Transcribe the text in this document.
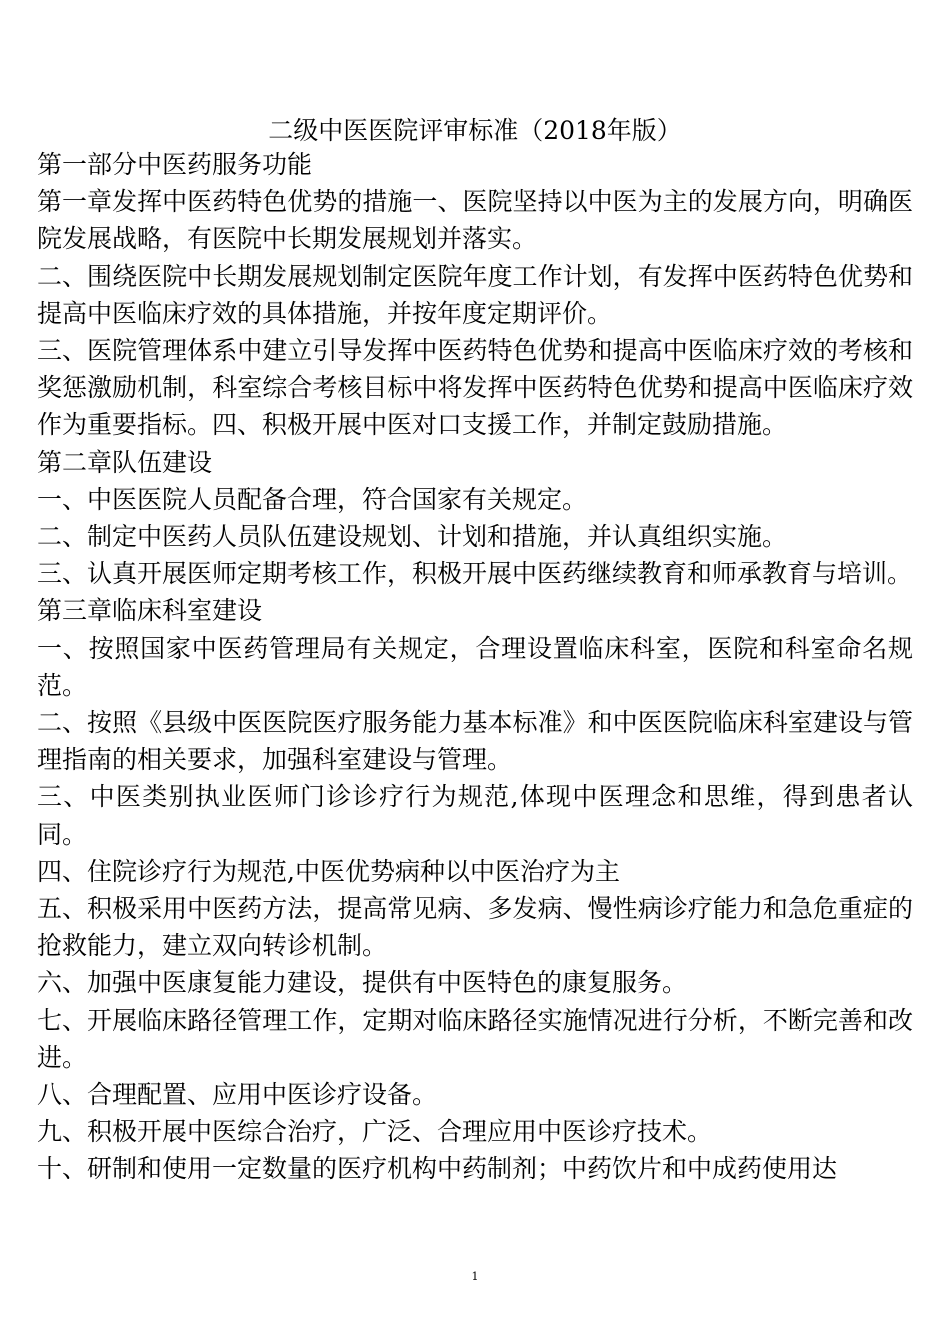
二级中医医院评审标准（2018年版）

第一部分中医药服务功能

第一章发挥中医药特色优势的措施一、医院坚持以中医为主的发展方向，明确医院发展战略，有医院中长期发展规划并落实。

二、围绕医院中长期发展规划制定医院年度工作计划，有发挥中医药特色优势和提高中医临床疗效的具体措施，并按年度定期评价。

三、医院管理体系中建立引导发挥中医药特色优势和提高中医临床疗效的考核和奖惩激励机制，科室综合考核目标中将发挥中医药特色优势和提高中医临床疗效作为重要指标。四、积极开展中医对口支援工作，并制定鼓励措施。

第二章队伍建设

一、中医医院人员配备合理，符合国家有关规定。

二、制定中医药人员队伍建设规划、计划和措施，并认真组织实施。

三、认真开展医师定期考核工作，积极开展中医药继续教育和师承教育与培训。

第三章临床科室建设

一、按照国家中医药管理局有关规定，合理设置临床科室，医院和科室命名规范。

二、按照《县级中医医院医疗服务能力基本标准》和中医医院临床科室建设与管理指南的相关要求，加强科室建设与管理。

三、中医类别执业医师门诊诊疗行为规范,体现中医理念和思维，得到患者认同。

四、住院诊疗行为规范,中医优势病种以中医治疗为主

五、积极采用中医药方法，提高常见病、多发病、慢性病诊疗能力和急危重症的抢救能力，建立双向转诊机制。

六、加强中医康复能力建设，提供有中医特色的康复服务。

七、开展临床路径管理工作，定期对临床路径实施情况进行分析，不断完善和改进。

八、合理配置、应用中医诊疗设备。

九、积极开展中医综合治疗，广泛、合理应用中医诊疗技术。

十、研制和使用一定数量的医疗机构中药制剂；中药饮片和中成药使用达

1
